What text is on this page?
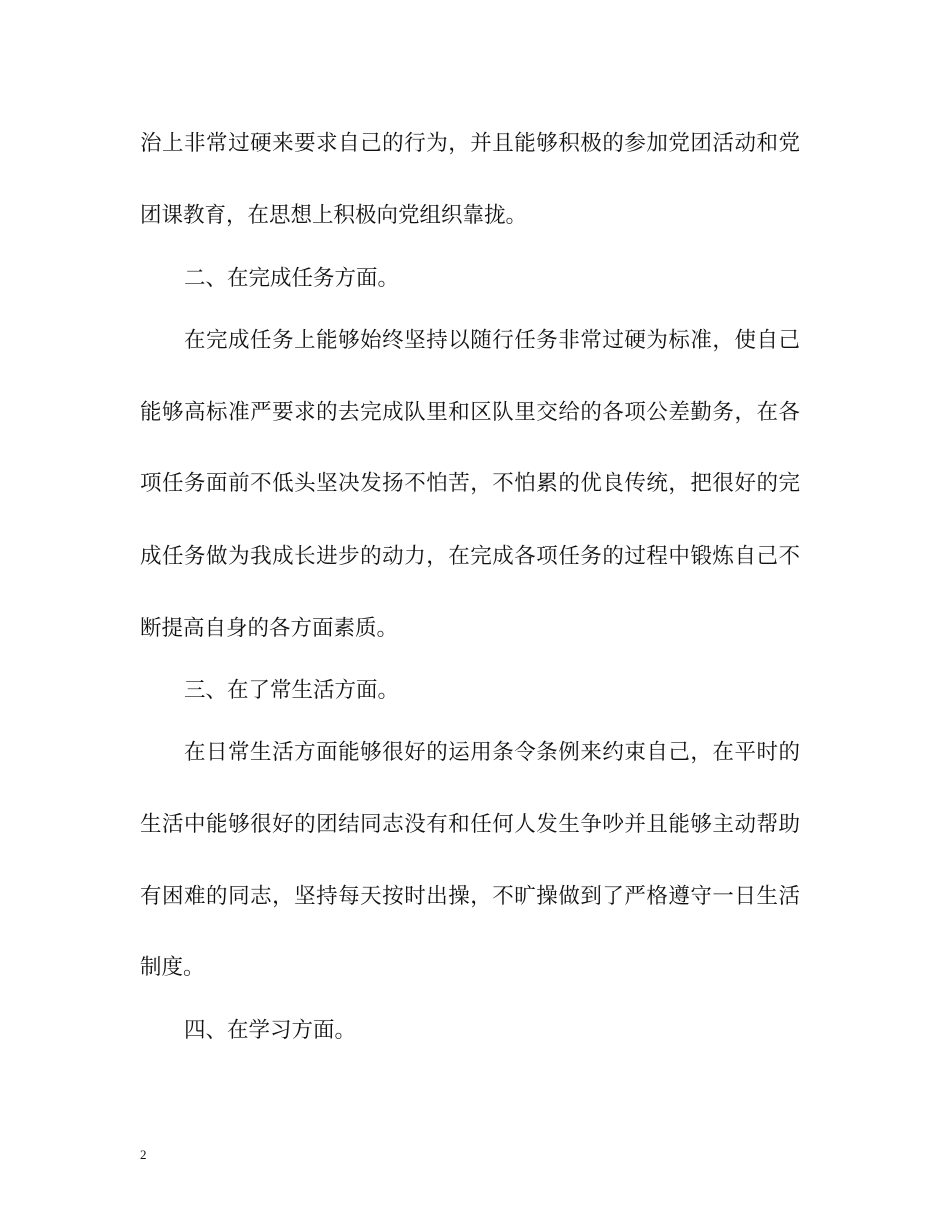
治上非常过硬来要求自己的行为，并且能够积极的参加党团活动和党

团课教育，在思想上积极向党组织靠拢。

二、在完成任务方面。

在完成任务上能够始终坚持以随行任务非常过硬为标准，使自己

能够高标准严要求的去完成队里和区队里交给的各项公差勤务，在各

项任务面前不低头坚决发扬不怕苦，不怕累的优良传统，把很好的完

成任务做为我成长进步的动力，在完成各项任务的过程中锻炼自己不

断提高自身的各方面素质。

三、在了常生活方面。

在日常生活方面能够很好的运用条令条例来约束自己，在平时的

生活中能够很好的团结同志没有和任何人发生争吵并且能够主动帮助

有困难的同志，坚持每天按时出操，不旷操做到了严格遵守一日生活

制度。

四、在学习方面。

2
